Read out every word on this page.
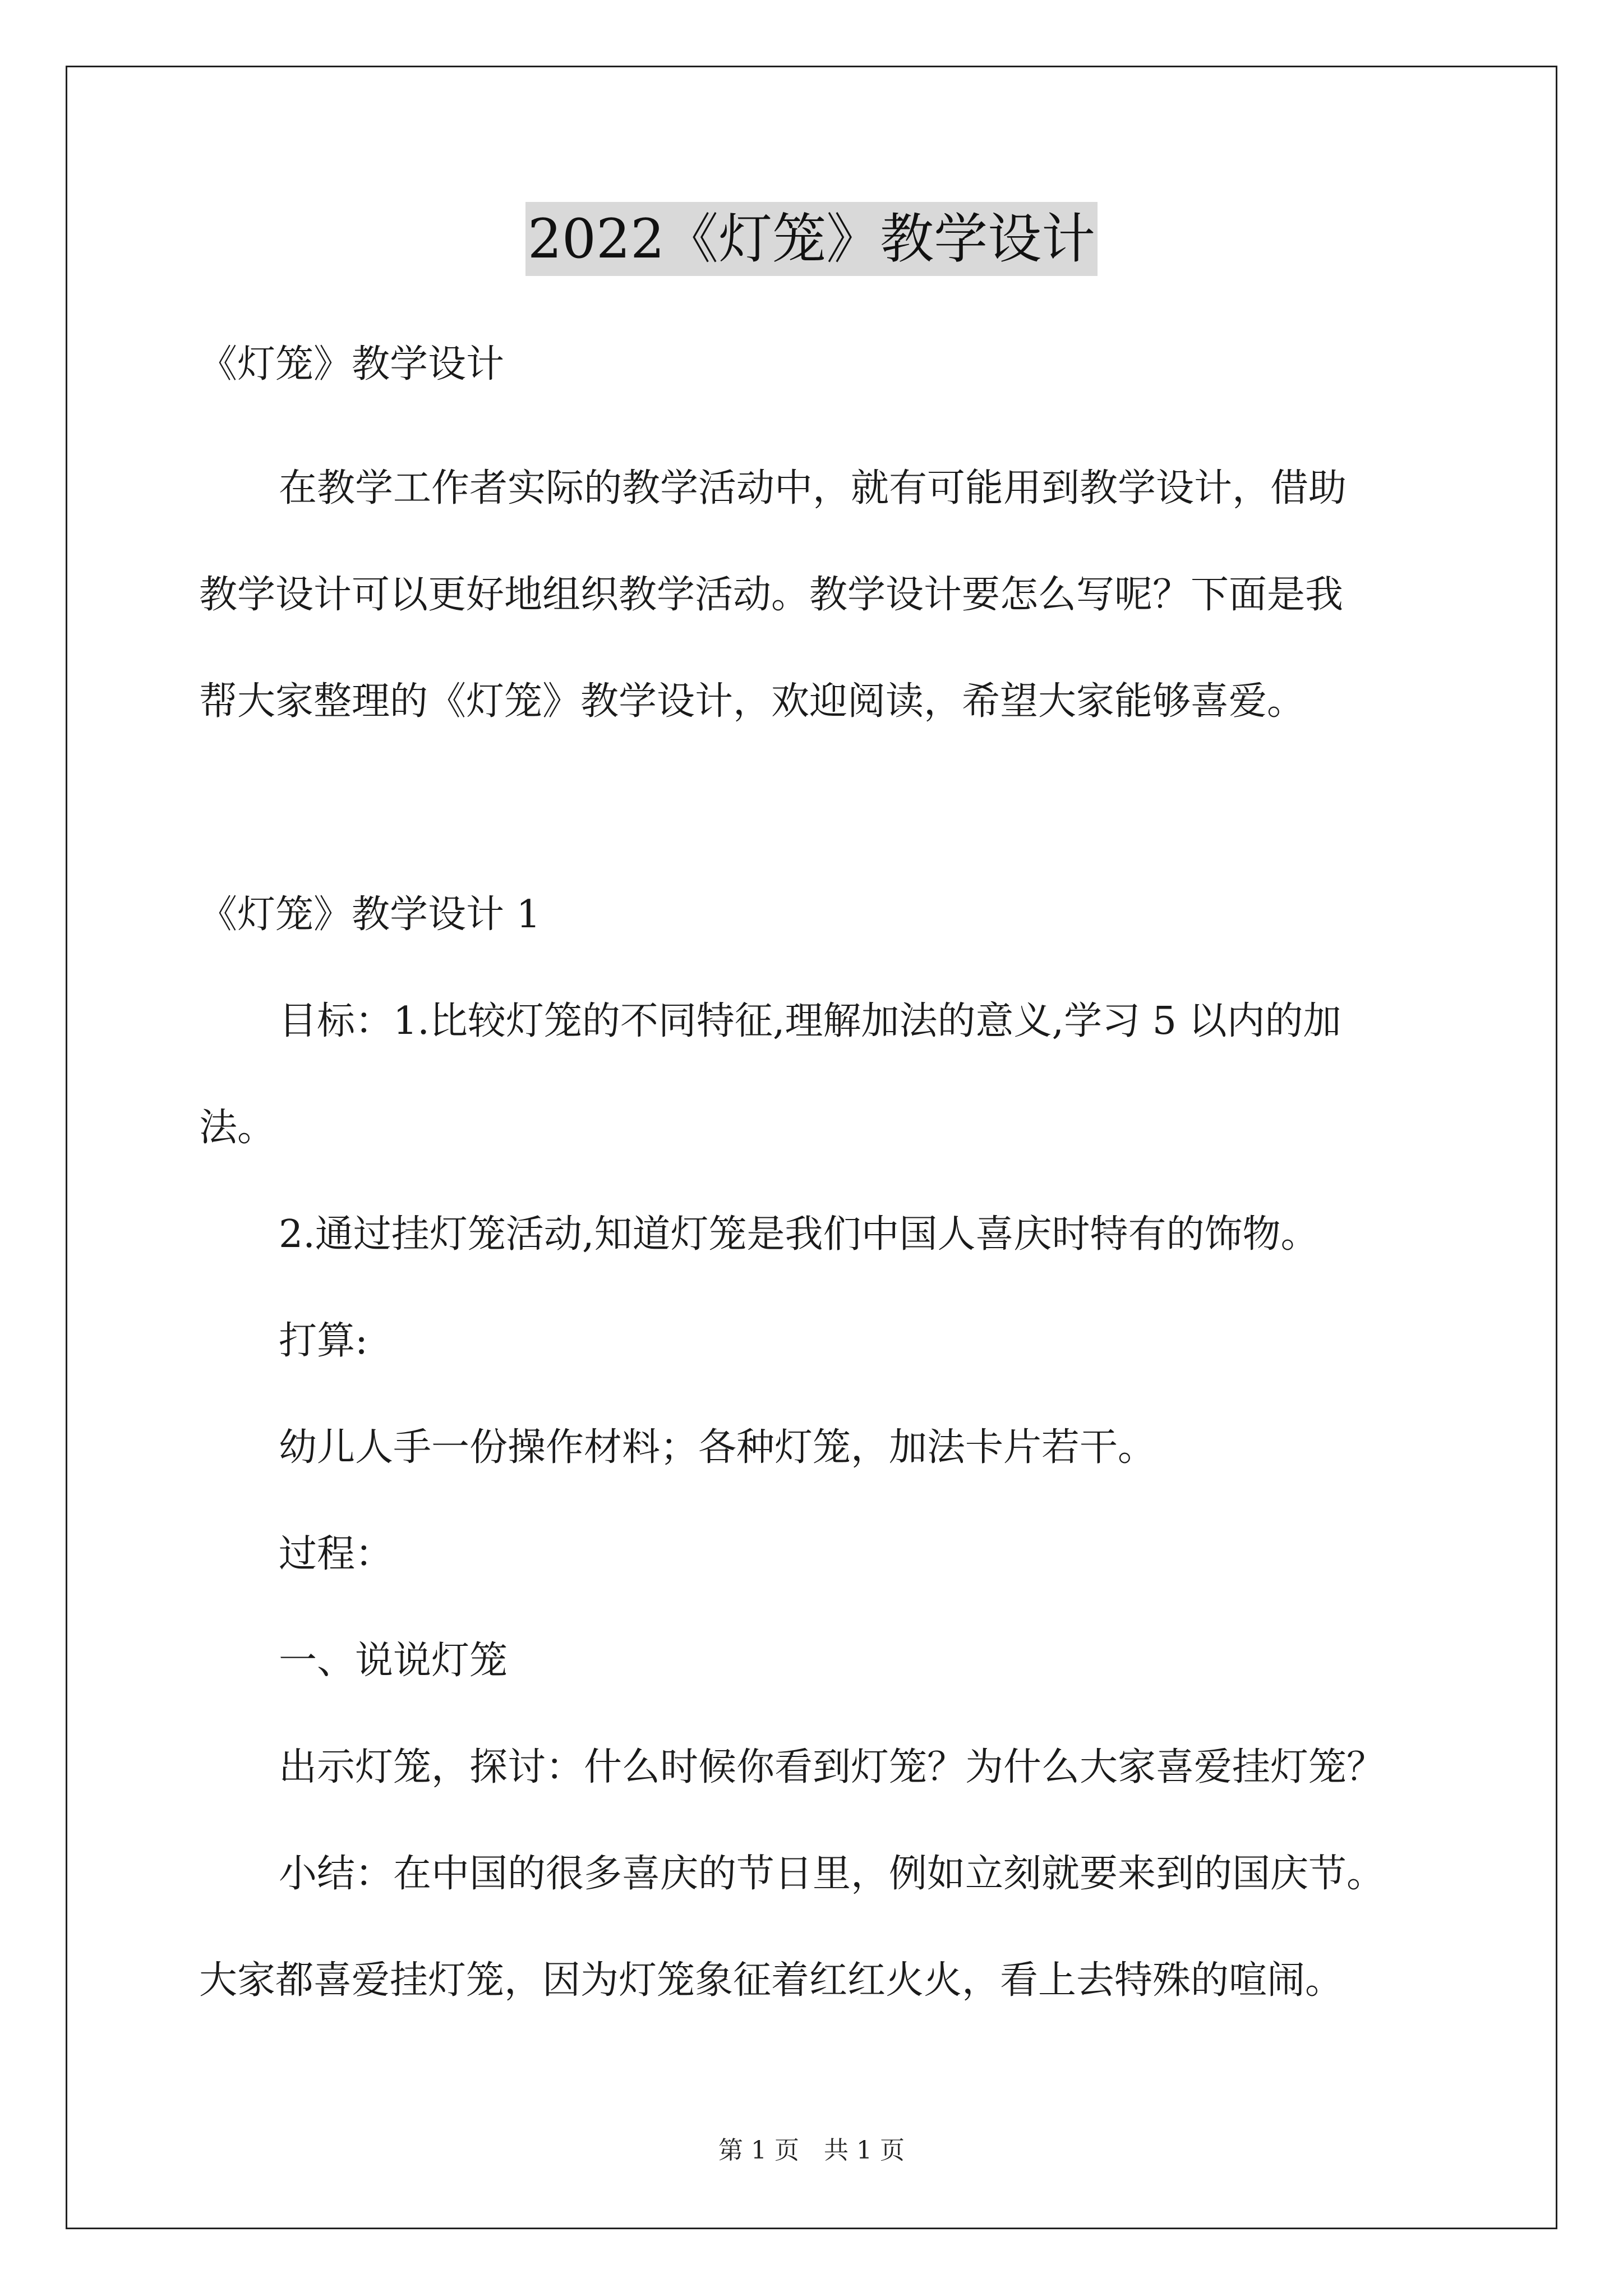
2022《灯笼》教学设计
《灯笼》教学设计
在教学工作者实际的教学活动中，就有可能用到教学设计，借助
教学设计可以更好地组织教学活动。教学设计要怎么写呢？下面是我
帮大家整理的《灯笼》教学设计，欢迎阅读，希望大家能够喜爱。
《灯笼》教学设计 1
目标：1.比较灯笼的不同特征,理解加法的意义,学习 5 以内的加
法。
2.通过挂灯笼活动,知道灯笼是我们中国人喜庆时特有的饰物。
打算:
幼儿人手一份操作材料；各种灯笼，加法卡片若干。
过程：
一、说说灯笼
出示灯笼，探讨：什么时候你看到灯笼？为什么大家喜爱挂灯笼？
小结：在中国的很多喜庆的节日里，例如立刻就要来到的国庆节。
大家都喜爱挂灯笼，因为灯笼象征着红红火火，看上去特殊的喧闹。
第 1 页　共 1 页
